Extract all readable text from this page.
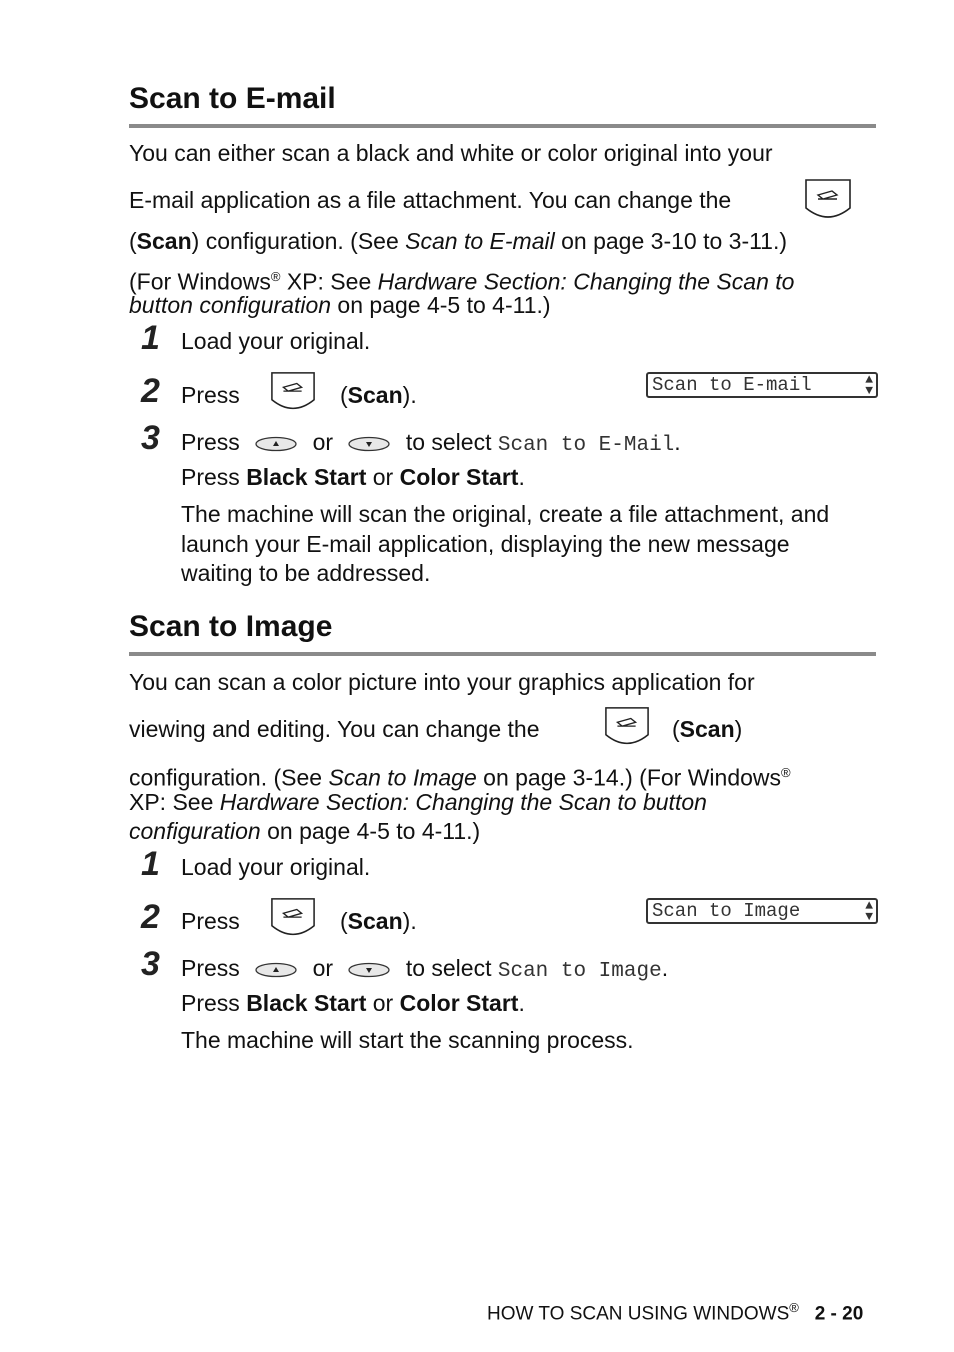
Scan to E-mail
You can either scan a black and white or color original into your
E-mail application as a file attachment. You can change the
(Scan) configuration. (See Scan to E-mail on page 3-10 to 3-11.)
(For Windows® XP: See Hardware Section: Changing the Scan to
button configuration on page 4-5 to 4-11.)
1 Load your original.
2 Press	(Scan).	Scan to E-mail	▲
▼
3 Press	or	to select Scan to E-Mail.
Press Black Start or Color Start.
The machine will scan the original, create a file attachment, and
launch your E-mail application, displaying the new message
waiting to be addressed.
Scan to Image
You can scan a color picture into your graphics application for
viewing and editing. You can change the	(Scan)
configuration. (See Scan to Image on page 3-14.) (For Windows®
XP: See Hardware Section: Changing the Scan to button
configuration on page 4-5 to 4-11.)
1 Load your original.
2 Press	(Scan).	Scan to Image	▲
▼
3 Press	or	to select Scan to Image.
Press Black Start or Color Start.
The machine will start the scanning process.
HOW TO SCAN USING WINDOWS® 2 - 20
